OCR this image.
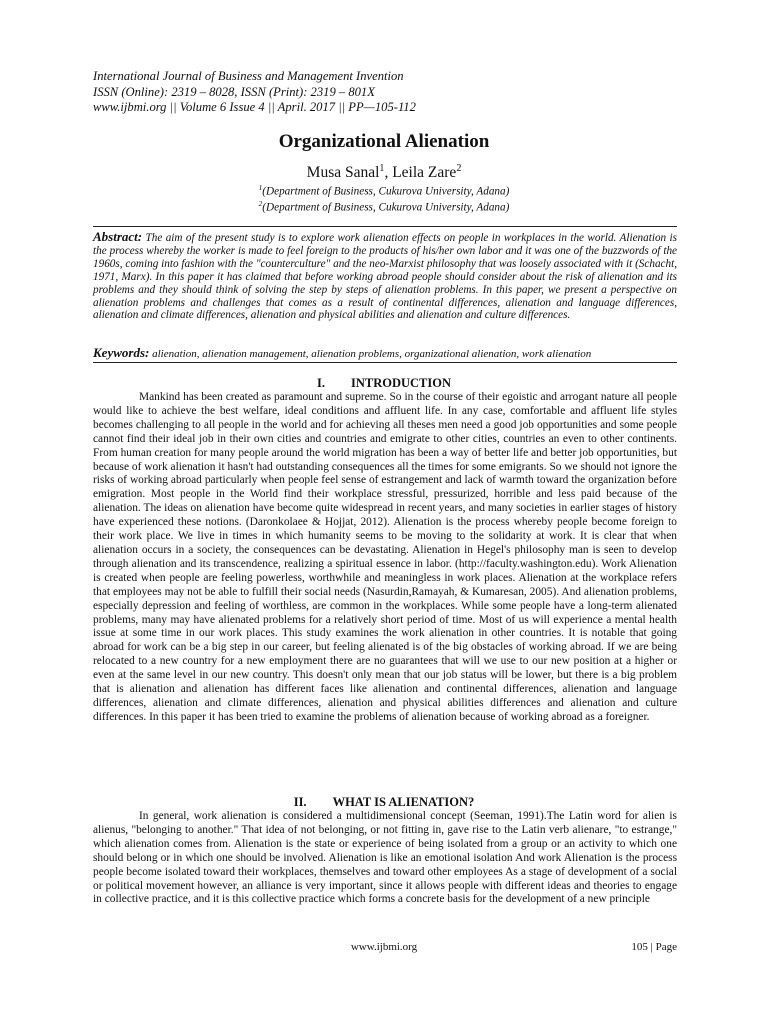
International Journal of Business and Management Invention
ISSN (Online): 2319 – 8028, ISSN (Print): 2319 – 801X
www.ijbmi.org || Volume 6 Issue 4 || April. 2017 || PP—105-112
Organizational Alienation
Musa Sanal$^1$, Leila Zare$^2$
$^1$(Department of Business, Cukurova University, Adana)
$^2$(Department of Business, Cukurova University, Adana)
Abstract: The aim of the present study is to explore work alienation effects on people in workplaces in the world. Alienation is the process whereby the worker is made to feel foreign to the products of his/her own labor and it was one of the buzzwords of the 1960s, coming into fashion with the "counterculture" and the neo-Marxist philosophy that was loosely associated with it (Schacht, 1971, Marx). In this paper it has claimed that before working abroad people should consider about the risk of alienation and its problems and they should think of solving the step by steps of alienation problems. In this paper, we present a perspective on alienation problems and challenges that comes as a result of continental differences, alienation and language differences, alienation and climate differences, alienation and physical abilities and alienation and culture differences.
Keywords: alienation, alienation management, alienation problems, organizational alienation, work alienation
I. INTRODUCTION

Mankind has been created as paramount and supreme. So in the course of their egoistic and arrogant nature all people would like to achieve the best welfare, ideal conditions and affluent life. In any case, comfortable and affluent life styles becomes challenging to all people in the world and for achieving all theses men need a good job opportunities and some people cannot find their ideal job in their own cities and countries and emigrate to other cities, countries an even to other continents. From human creation for many people around the world migration has been a way of better life and better job opportunities, but because of work alienation it hasn't had outstanding consequences all the times for some emigrants. So we should not ignore the risks of working abroad particularly when people feel sense of estrangement and lack of warmth toward the organization before emigration. Most people in the World find their workplace stressful, pressurized, horrible and less paid because of the alienation. The ideas on alienation have become quite widespread in recent years, and many societies in earlier stages of history have experienced these notions. (Daronkolaee & Hojjat, 2012). Alienation is the process whereby people become foreign to their work place. We live in times in which humanity seems to be moving to the solidarity at work. It is clear that when alienation occurs in a society, the consequences can be devastating. Alienation in Hegel's philosophy man is seen to develop through alienation and its transcendence, realizing a spiritual essence in labor. (http://faculty.washington.edu). Work Alienation is created when people are feeling powerless, worthwhile and meaningless in work places. Alienation at the workplace refers that employees may not be able to fulfill their social needs (Nasurdin,Ramayah, & Kumaresan, 2005). And alienation problems, especially depression and feeling of worthless, are common in the workplaces. While some people have a long-term alienated problems, many may have alienated problems for a relatively short period of time. Most of us will experience a mental health issue at some time in our work places. This study examines the work alienation in other countries. It is notable that going abroad for work can be a big step in our career, but feeling alienated is of the big obstacles of working abroad. If we are being relocated to a new country for a new employment there are no guarantees that will we use to our new position at a higher or even at the same level in our new country. This doesn't only mean that our job status will be lower, but there is a big problem that is alienation and alienation has different faces like alienation and continental differences, alienation and language differences, alienation and climate differences, alienation and physical abilities differences and alienation and culture differences. In this paper it has been tried to examine the problems of alienation because of working abroad as a foreigner.

II. WHAT IS ALIENATION?

In general, work alienation is considered a multidimensional concept (Seeman, 1991).The Latin word for alien is alienus, "belonging to another." That idea of not belonging, or not fitting in, gave rise to the Latin verb alienare, "to estrange," which alienation comes from. Alienation is the state or experience of being isolated from a group or an activity to which one should belong or in which one should be involved. Alienation is like an emotional isolation And work Alienation is the process people become isolated toward their workplaces, themselves and toward other employees As a stage of development of a social or political movement however, an alliance is very important, since it allows people with different ideas and theories to engage in collective practice, and it is this collective practice which forms a concrete basis for the development of a new principle

www.ijbmi.org	105 | Page
